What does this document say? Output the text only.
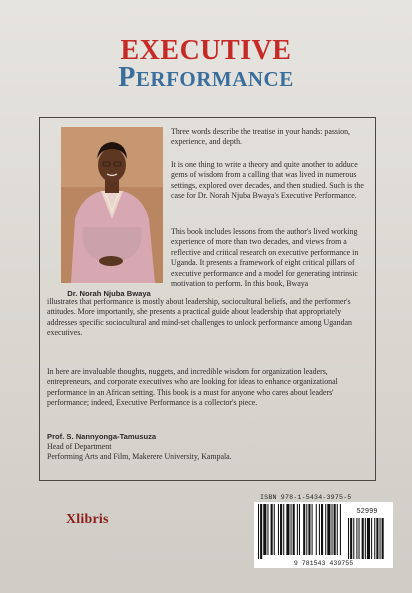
EXECUTIVE
PERFORMANCE
Dr. Norah Njuba Bwaya
Three words describe the treatise in your hands: passion, experience, and depth.
It is one thing to write a theory and quite another to adduce gems of wisdom from a calling that was lived in numerous settings, explored over decades, and then studied. Such is the case for Dr. Norah Njuba Bwaya's Executive Performance.
This book includes lessons from the author's lived working experience of more than two decades, and views from a reflective and critical research on executive performance in Uganda. It presents a framework of eight critical pillars of executive performance and a model for generating intrinsic motivation to perform. In this book, Bwaya
illustrates that performance is mostly about leadership, sociocultural beliefs, and the performer's attitudes. More importantly, she presents a practical guide about leadership that appropriately addresses specific sociocultural and mind-set challenges to unlock performance among Ugandan executives.
In here are invaluable thoughts, nuggets, and incredible wisdom for organization leaders, entrepreneurs, and corporate executives who are looking for ideas to enhance organizational performance in an African setting. This book is a must for anyone who cares about leaders' performance; indeed, Executive Performance is a collector's piece.
Prof. S. Nannyonga-Tamusuza
Head of Department
Performing Arts and Film, Makerere University, Kampala.
Xlibris
ISBN 978-1-5434-3975-5
52999
9 781543 439755
